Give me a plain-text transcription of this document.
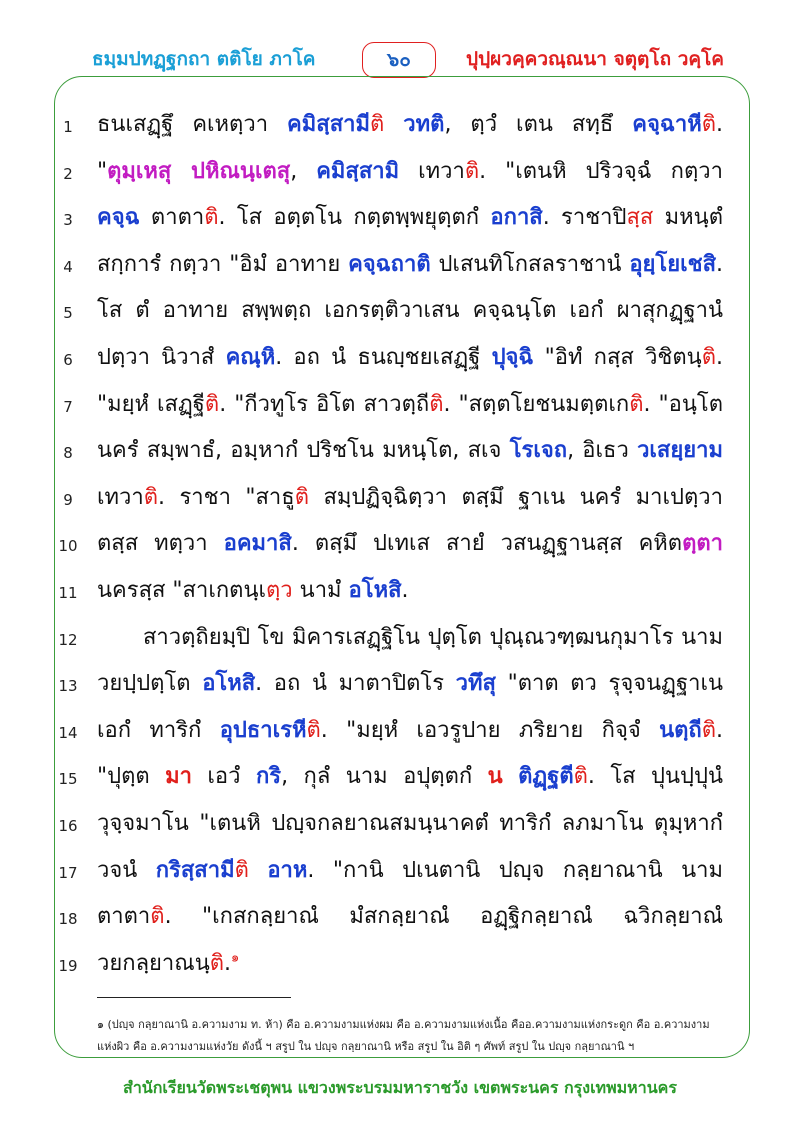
ธมฺมปทฏฺฐกถา ตติโย ภาโค	๖๐	ปุปฺผวคฺควณฺณนา จตุตฺโถ วคฺโค
1	ธนเสฏฺฐึ คเหตฺวา คมิสฺสามีติ วทติ, ตฺวํ เตน สทฺธึ คจฺฉาหีติ.
2	"ตุมฺเหสุ ปหิณนฺเตสุ, คมิสฺสามิ เทวาติ. "เตนหิ ปริวจฺฉํ กตฺวา
3	คจฺฉ ตาตาติ. โส อตฺตโน กตฺตพฺพยุตฺตกํ อกาสิ. ราชาปิสฺส มหนฺตํ
4	สกฺการํ กตฺวา "อิมํ อาทาย คจฺฉถาติ ปเสนทิโกสลราชานํ อุยฺโยเชสิ.
5	โส ตํ อาทาย สพฺพตฺถ เอกรตฺติวาเสน คจฺฉนฺโต เอกํ ผาสุกฏฺฐานํ
6	ปตฺวา นิวาสํ คณฺหิ. อถ นํ ธนญฺชยเสฏฺฐี ปุจฺฉิ "อิทํ กสฺส วิชิตนฺติ.
7	"มยฺหํ เสฏฺฐีติ. "กีวทูโร อิโต สาวตฺถีติ. "สตฺตโยชนมตฺตเกติ. "อนฺโต
8	นครํ สมฺพาธํ, อมฺหากํ ปริชโน มหนฺโต, สเจ โรเจถ, อิเธว วเสยฺยาม
9	เทวาติ. ราชา "สาธูติ สมฺปฏิจฺฉิตฺวา ตสฺมึ ฐาเน นครํ มาเปตฺวา
10 ตสฺส ทตฺวา อคมาสิ. ตสฺมึ ปเทเส สายํ วสนฏฺฐานสฺส คหิตตฺตา
11 นครสฺส "สาเกตนฺเตฺว นามํ อโหสิ.
12	สาวตฺถิยมฺปิ โข มิคารเสฏฺฐิโน ปุตฺโต ปุณฺณวฑฺฒนกุมาโร นาม
13 วยปฺปตฺโต อโหสิ. อถ นํ มาตาปิตโร วทึสุ "ตาต ตว รุจฺจนฏฺฐาเน
14 เอกํ ทาริกํ อุปธาเรหีติ. "มยฺหํ เอวรูปาย ภริยาย กิจฺจํ นตฺถีติ.
15 "ปุตฺต มา เอวํ กริ, กุลํ นาม อปุตฺตกํ น ติฏฺฐตีติ. โส ปุนปฺปุนํ
16 วุจฺจมาโน "เตนหิ ปญฺจกลยาณสมนฺนาคตํ ทาริกํ ลภมาโน ตุมฺหากํ
17 วจนํ กริสฺสามีติ อาห. "กานิ ปเนตานิ ปญฺจ กลฺยาณานิ นาม
18 ตาตาติ. "เกสกลฺยาณํ มํสกลฺยาณํ อฏฺฐิกลฺยาณํ ฉวิกลฺยาณํ
19 วยกลฺยาณนฺติ.$^๑$
๑ (ปญฺจ กลฺยาณานิ อ.ความงาม ท. ห้า) คือ อ.ความงามแห่งผม คือ อ.ความงามแห่งเนื้อ คืออ.ความงามแห่งกระดูก คือ อ.ความงามแห่งผิว คือ อ.ความงามแห่งวัย ดังนี้ ฯ สรูป ใน ปญฺจ กลฺยาณานิ หรือ สรูป ใน อิติ ๆ ศัพท์ สรูป ใน ปญฺจ กลฺยาณานิ ฯ
สำนักเรียนวัดพระเชตุพน แขวงพระบรมมหาราชวัง เขตพระนคร กรุงเทพมหานคร
